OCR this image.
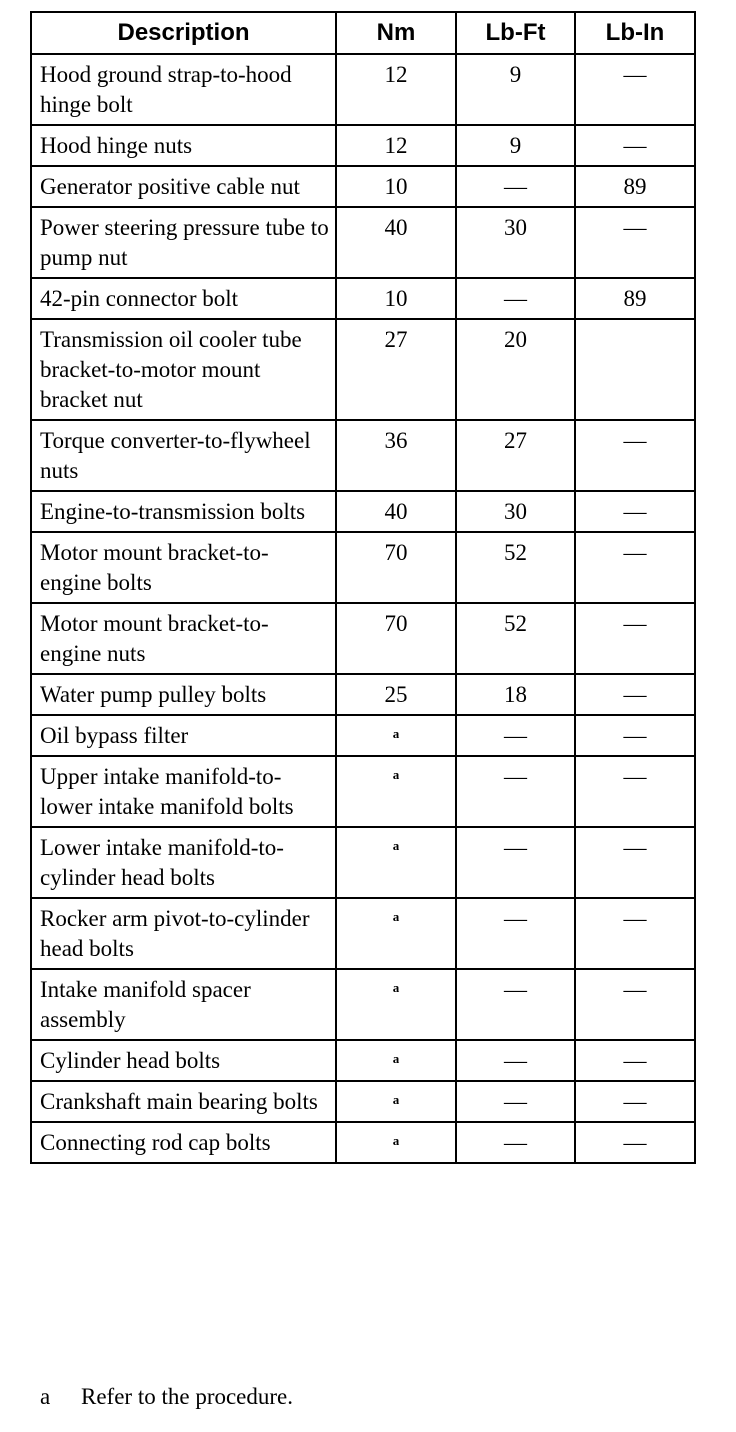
Description	Nm	Lb-Ft	Lb-In
Hood ground strap-to-hood hinge bolt	12	9	—
Hood hinge nuts	12	9	—
Generator positive cable nut	10	—	89
Power steering pressure tube to pump nut	40	30	—
42-pin connector bolt	10	—	89
Transmission oil cooler tube bracket-to-motor mount bracket nut	27	20	
Torque converter-to-flywheel nuts	36	27	—
Engine-to-transmission bolts	40	30	—
Motor mount bracket-to-engine bolts	70	52	—
Motor mount bracket-to-engine nuts	70	52	—
Water pump pulley bolts	25	18	—
Oil bypass filter	a	—	—
Upper intake manifold-to-lower intake manifold bolts	a	—	—
Lower intake manifold-to-cylinder head bolts	a	—	—
Rocker arm pivot-to-cylinder head bolts	a	—	—
Intake manifold spacer assembly	a	—	—
Cylinder head bolts	a	—	—
Crankshaft main bearing bolts	a	—	—
Connecting rod cap bolts	a	—	—
a Refer to the procedure.
